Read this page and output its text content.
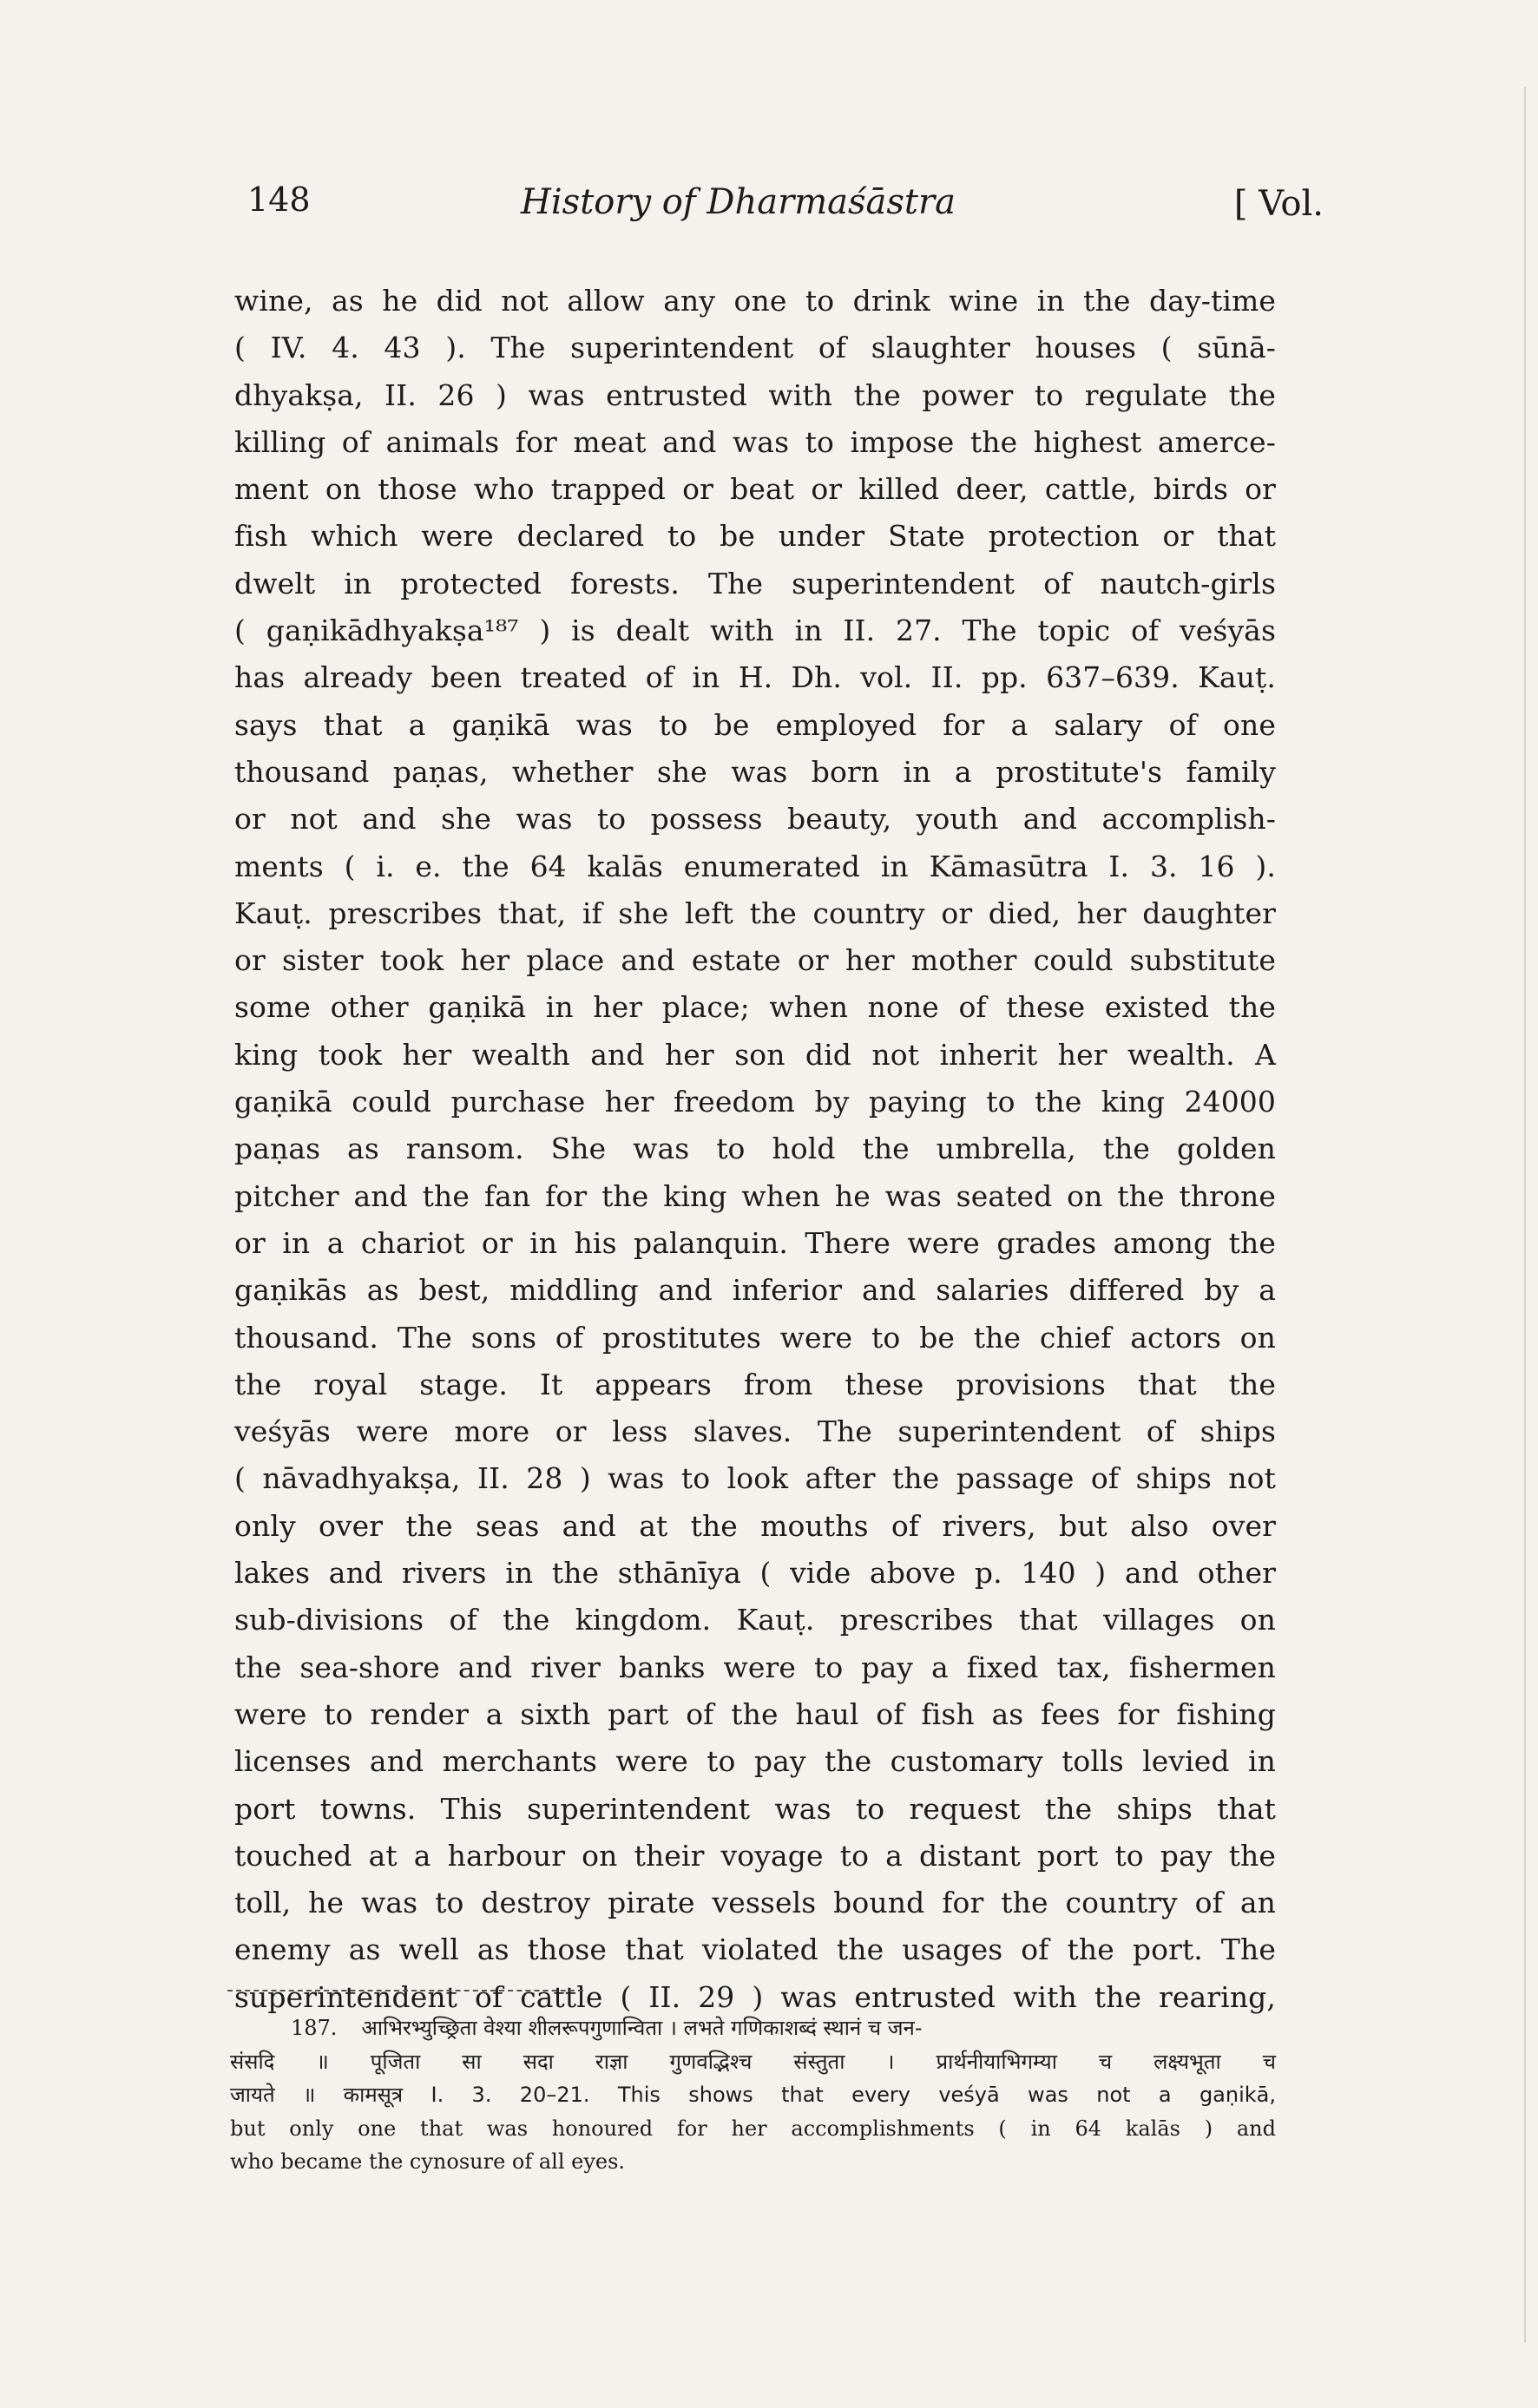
148	History of Dharmaśāstra	[ Vol.
wine, as he did not allow any one to drink wine in the day-time
( IV. 4. 43 ). The superintendent of slaughter houses ( sūnā-
dhyakṣa, II. 26 ) was entrusted with the power to regulate the
killing of animals for meat and was to impose the highest amerce-
ment on those who trapped or beat or killed deer, cattle, birds or
fish which were declared to be under State protection or that
dwelt in protected forests. The superintendent of nautch-girls
( gaṇikādhyakṣa¹⁸⁷ ) is dealt with in II. 27. The topic of veśyās
has already been treated of in H. Dh. vol. II. pp. 637–639. Kauṭ.
says that a gaṇikā was to be employed for a salary of one
thousand paṇas, whether she was born in a prostitute's family
or not and she was to possess beauty, youth and accomplish-
ments ( i. e. the 64 kalās enumerated in Kāmasūtra I. 3. 16 ).
Kauṭ. prescribes that, if she left the country or died, her daughter
or sister took her place and estate or her mother could substitute
some other gaṇikā in her place; when none of these existed the
king took her wealth and her son did not inherit her wealth. A
gaṇikā could purchase her freedom by paying to the king 24000
paṇas as ransom. She was to hold the umbrella, the golden
pitcher and the fan for the king when he was seated on the throne
or in a chariot or in his palanquin. There were grades among the
gaṇikās as best, middling and inferior and salaries differed by a
thousand. The sons of prostitutes were to be the chief actors on
the royal stage. It appears from these provisions that the
veśyās were more or less slaves. The superintendent of ships
( nāvadhyakṣa, II. 28 ) was to look after the passage of ships not
only over the seas and at the mouths of rivers, but also over
lakes and rivers in the sthānīya ( vide above p. 140 ) and other
sub-divisions of the kingdom. Kauṭ. prescribes that villages on
the sea-shore and river banks were to pay a fixed tax, fishermen
were to render a sixth part of the haul of fish as fees for fishing
licenses and merchants were to pay the customary tolls levied in
port towns. This superintendent was to request the ships that
touched at a harbour on their voyage to a distant port to pay the
toll, he was to destroy pirate vessels bound for the country of an
enemy as well as those that violated the usages of the port. The
superintendent of cattle ( II. 29 ) was entrusted with the rearing,
187. आभिरभ्युच्छ्रिता वेश्या शीलरूपगुणान्विता । लभते गणिकाशब्दं स्थानं च जन-
संसदि ॥ पूजिता सा सदा राज्ञा गुणवद्भिश्च संस्तुता । प्रार्थनीयाभिगम्या च लक्ष्यभूता च
जायते ॥ कामसूत्र I. 3. 20–21. This shows that every veśyā was not a gaṇikā,
but only one that was honoured for her accomplishments ( in 64 kalās ) and
who became the cynosure of all eyes.
